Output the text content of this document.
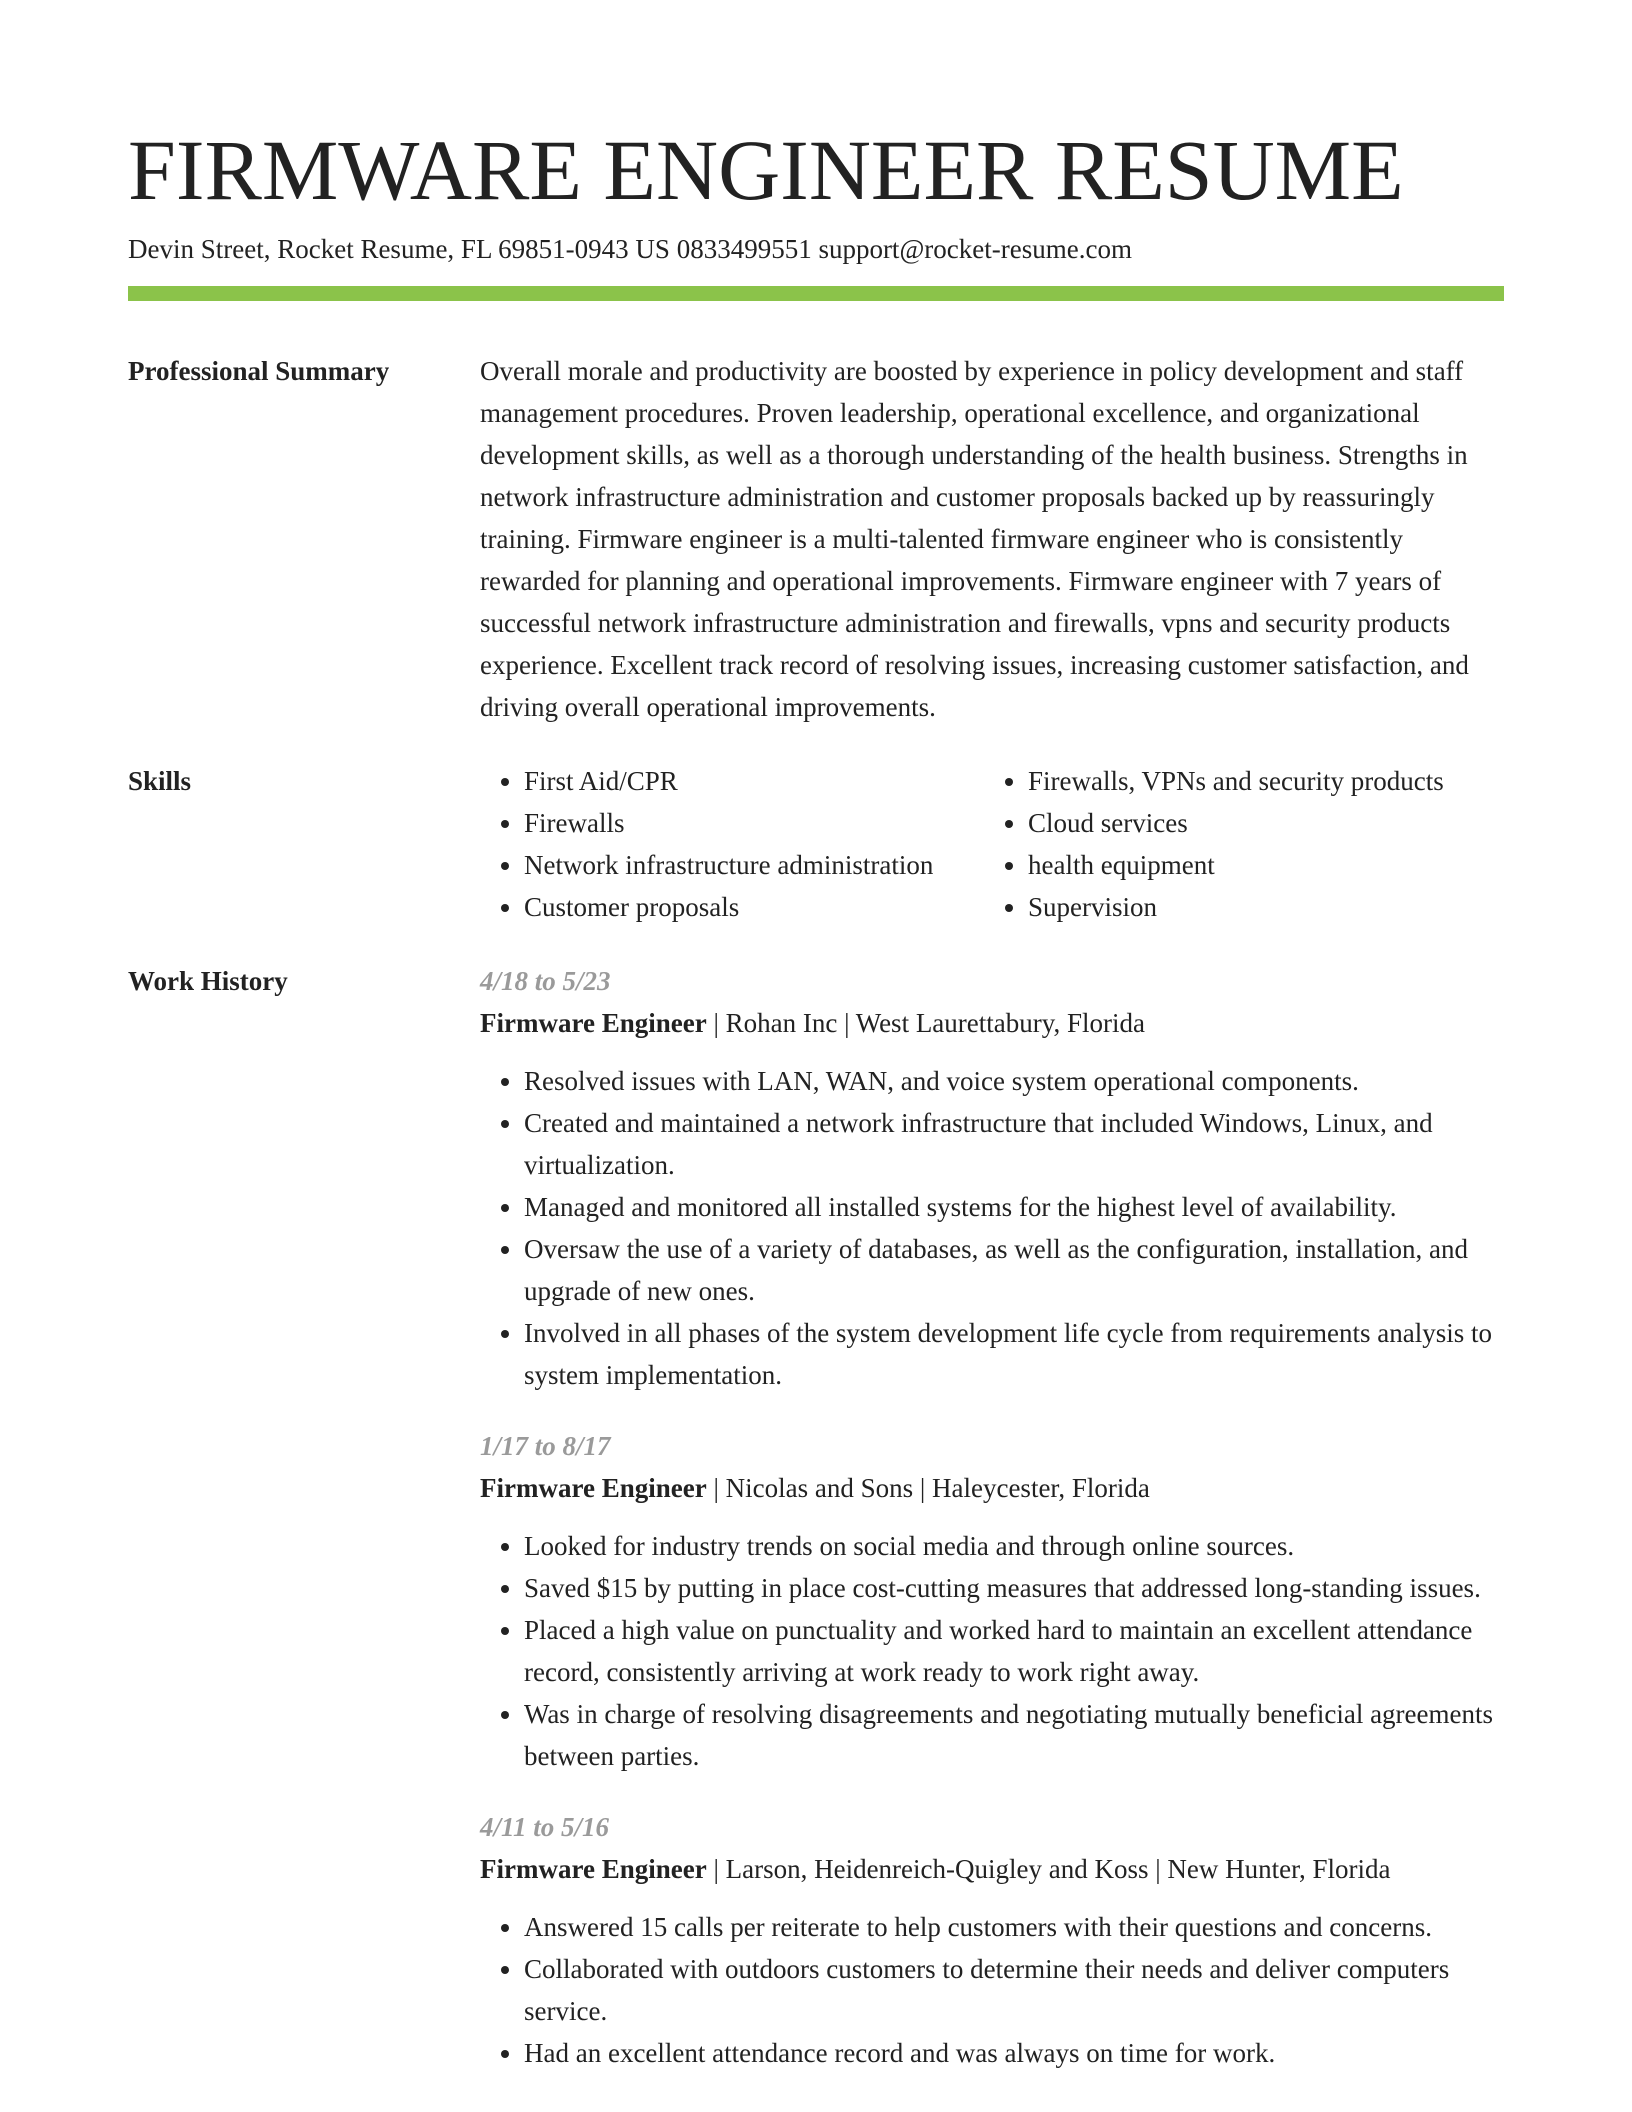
FIRMWARE ENGINEER RESUME
Devin Street, Rocket Resume, FL 69851-0943 US 0833499551 support@rocket-resume.com
Professional Summary	Overall morale and productivity are boosted by experience in policy development and staff management procedures. Proven leadership, operational excellence, and organizational development skills, as well as a thorough understanding of the health business. Strengths in network infrastructure administration and customer proposals backed up by reassuringly training. Firmware engineer is a multi-talented firmware engineer who is consistently rewarded for planning and operational improvements. Firmware engineer with 7 years of successful network infrastructure administration and firewalls, vpns and security products experience. Excellent track record of resolving issues, increasing customer satisfaction, and driving overall operational improvements.

Skills
•	First Aid/CPR
• Firewalls
• Network infrastructure administration
• Customer proposals
• Firewalls, VPNs and security products
• Cloud services
• health equipment
• Supervision
Work History	4/18 to 5/23
Firmware Engineer | Rohan Inc | West Laurettabury, Florida
• Resolved issues with LAN, WAN, and voice system operational components.
• Created and maintained a network infrastructure that included Windows, Linux, and virtualization.
• Managed and monitored all installed systems for the highest level of availability.
• Oversaw the use of a variety of databases, as well as the configuration, installation, and upgrade of new ones.
• Involved in all phases of the system development life cycle from requirements analysis to system implementation.
1/17 to 8/17
Firmware Engineer | Nicolas and Sons | Haleycester, Florida
• Looked for industry trends on social media and through online sources.
• Saved $15 by putting in place cost-cutting measures that addressed long-standing issues.
• Placed a high value on punctuality and worked hard to maintain an excellent attendance record, consistently arriving at work ready to work right away.
• Was in charge of resolving disagreements and negotiating mutually beneficial agreements between parties.
4/11 to 5/16
Firmware Engineer | Larson, Heidenreich-Quigley and Koss | New Hunter, Florida
• Answered 15 calls per reiterate to help customers with their questions and concerns.
• Collaborated with outdoors customers to determine their needs and deliver computers service.
• Had an excellent attendance record and was always on time for work.
